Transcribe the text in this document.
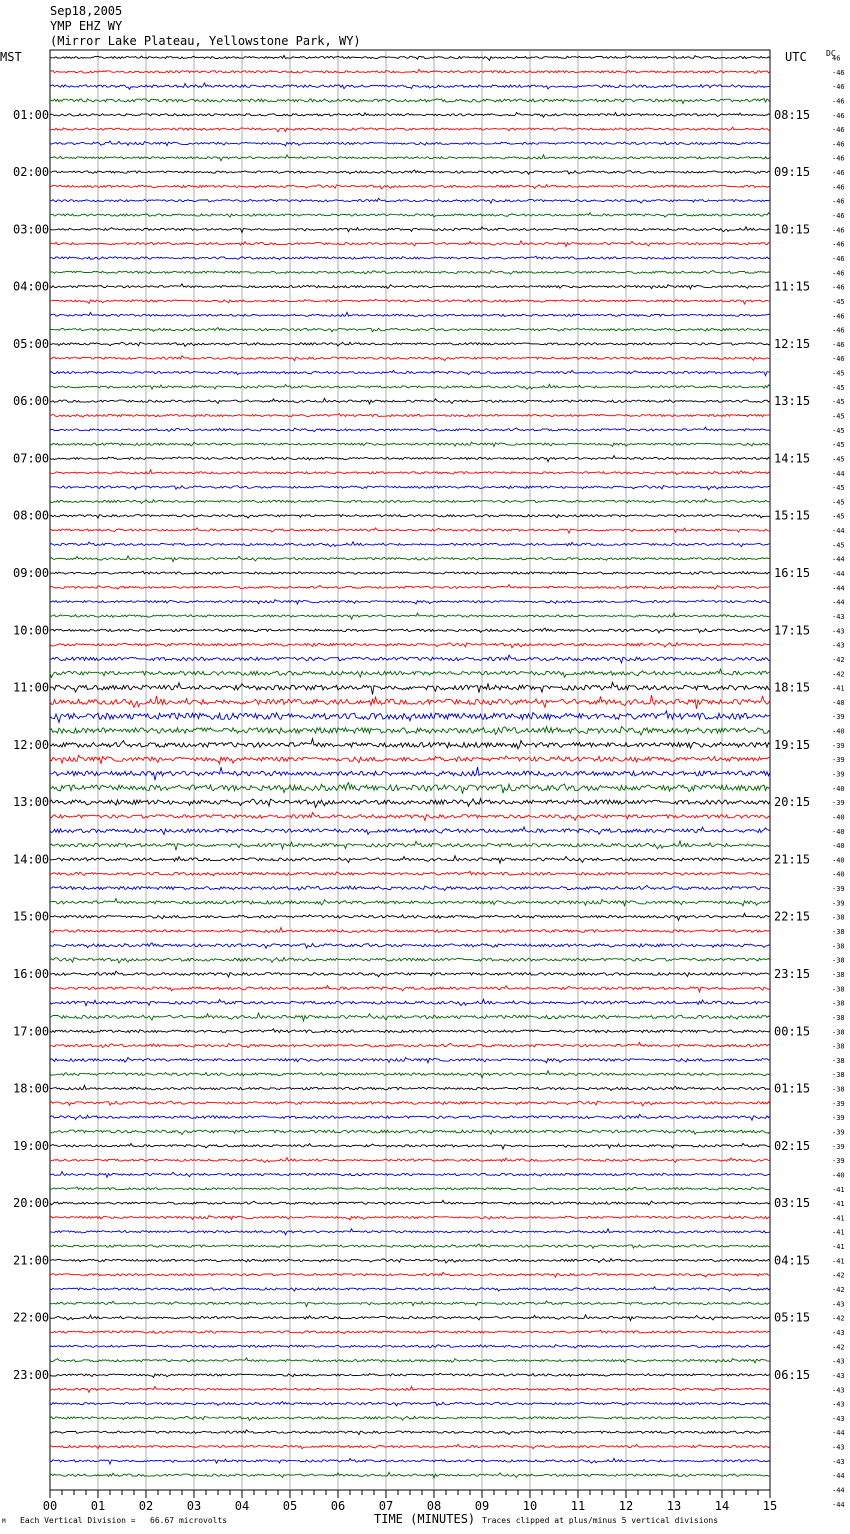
Sep18,2005
YMP EHZ WY
(Mirror Lake Plateau, Yellowstone Park, WY)
MST	UTC DC
01:00
02:00
03:00
04:00
05:00
06:00
07:00
08:00
09:00
10:00
11:00
12:00
13:00
14:00
15:00
16:00
17:00
18:00
19:00
20:00
21:00
22:00
23:00
08:15
09:15
10:15
11:15
12:15
13:15
14:15
15:15
16:15
17:15
18:15
19:15
20:15
21:15
22:15
23:15
00:15
01:15
02:15
03:15
04:15
05:15
06:15
46
-46
-46
-46
-46
-46
-46
-46
-46
-46
-46
-46
-46
-46
-46
-46
-46
-45
-46
-46
-46
-46
-45
-45
-45
-45
-45
-45
-45
-44
-45
-45
-45
-44
-45
-44
-44
-44
-44
-43
-43
-43
-42
-42
-41
-40
-39
-40
-39
-39
-39
-40
-39
-40
-40
-40
-40
-40
-39
-39
-38
-38
-38
-38
-38
-38
-38
-38
-38
-38
-38
-38
-38
-39
-39
-39
-39
-39
-40
-41
-41
-41
-41
-41
-41
-42
-42
-43
-42
-43
-42
-43
-43
-43
-43
-43
-44
-43
-43
-44
-44
-44
00	01	02	03	04	05	06	07	08	09	10	11	12	13	14	15
M Each Vertical Division =   66.67 microvolts	TIME (MINUTES) Traces clipped at plus/minus 5 vertical divisions
